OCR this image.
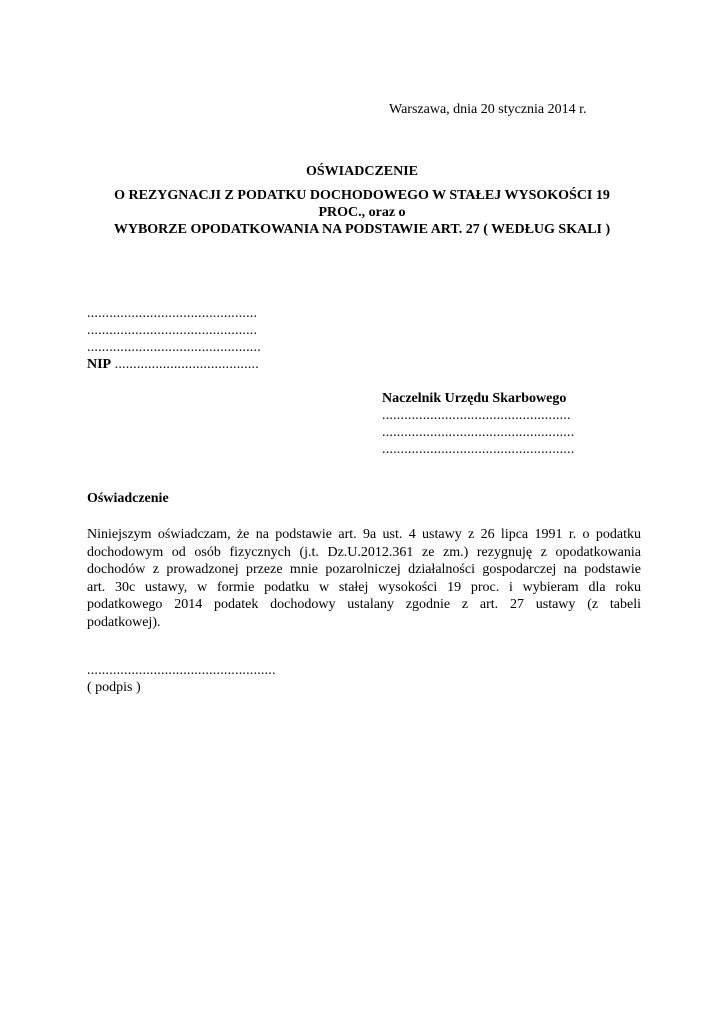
Warszawa, dnia 20 stycznia 2014 r.
OŚWIADCZENIE
O REZYGNACJI Z PODATKU DOCHODOWEGO W STAŁEJ WYSOKOŚCI 19
PROC., oraz o
WYBORZE OPODATKOWANIA NA PODSTAWIE ART. 27 ( WEDŁUG SKALI )
..............................................
..............................................
...............................................
NIP .......................................
Naczelnik Urzędu Skarbowego
...................................................
....................................................
....................................................
Oświadczenie
Niniejszym oświadczam, że na podstawie art. 9a ust. 4 ustawy z 26 lipca 1991 r. o podatku
dochodowym od osób fizycznych (j.t. Dz.U.2012.361 ze zm.) rezygnuję z opodatkowania
dochodów z prowadzonej przeze mnie pozarolniczej działalności gospodarczej na podstawie
art. 30c ustawy, w formie podatku w stałej wysokości 19 proc. i wybieram dla roku
podatkowego 2014 podatek dochodowy ustalany zgodnie z art. 27 ustawy (z tabeli
podatkowej).
...................................................
( podpis )
